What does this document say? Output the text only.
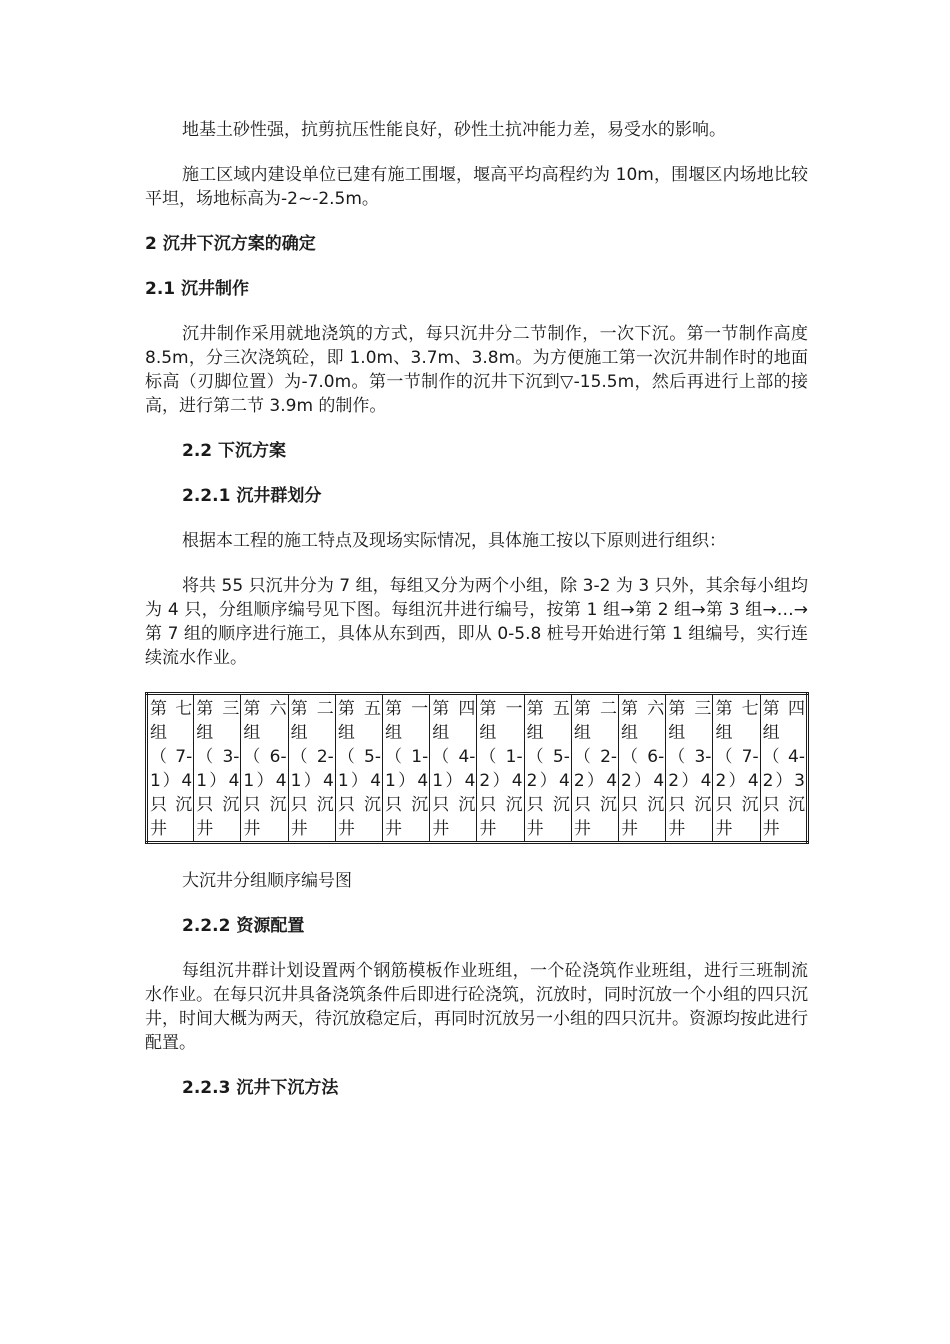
地基土砂性强，抗剪抗压性能良好，砂性土抗冲能力差，易受水的影响。

施工区域内建设单位已建有施工围堰，堰高平均高程约为 10m，围堰区内场地比较平坦，场地标高为-2~-2.5m。

2 沉井下沉方案的确定

2.1 沉井制作

沉井制作采用就地浇筑的方式，每只沉井分二节制作，一次下沉。第一节制作高度 8.5m，分三次浇筑砼，即 1.0m、3.7m、3.8m。为方便施工第一次沉井制作时的地面标高（刃脚位置）为-7.0m。第一节制作的沉井下沉到▽-15.5m，然后再进行上部的接高，进行第二节 3.9m 的制作。

2.2 下沉方案

2.2.1 沉井群划分

根据本工程的施工特点及现场实际情况，具体施工按以下原则进行组织：

将共 55 只沉井分为 7 组，每组又分为两个小组，除 3-2 为 3 只外，其余每小组均为 4 只，分组顺序编号见下图。每组沉井进行编号，按第 1 组→第 2 组→第 3 组→…→第 7 组的顺序进行施工，具体从东到西，即从 0-5.8 桩号开始进行第 1 组编号，实行连续流水作业。

第 七
组
（ 7-
1）4
只 沉
井

第 三
组
（ 3-
1）4
只 沉
井

第 六
组
（ 6-
1）4
只 沉
井

第 二
组
（ 2-
1）4
只 沉
井

第 五
组
（ 5-
1）4
只 沉
井

第 一
组
（ 1-
1）4
只 沉
井

第 四
组
（ 4-
1）4
只 沉
井

第 一
组
（ 1-
2）4
只 沉
井

第 五
组
（ 5-
2）4
只 沉
井

第 二
组
（ 2-
2）4
只 沉
井

第 六
组
（ 6-
2）4
只 沉
井

第 三
组
（ 3-
2）4
只 沉
井

第 七
组
（ 7-
2）4
只 沉
井

第 四
组
（ 4-
2）3
只 沉
井

大沉井分组顺序编号图

2.2.2 资源配置

每组沉井群计划设置两个钢筋模板作业班组，一个砼浇筑作业班组，进行三班制流水作业。在每只沉井具备浇筑条件后即进行砼浇筑，沉放时，同时沉放一个小组的四只沉井，时间大概为两天，待沉放稳定后，再同时沉放另一小组的四只沉井。资源均按此进行配置。

2.2.3 沉井下沉方法
